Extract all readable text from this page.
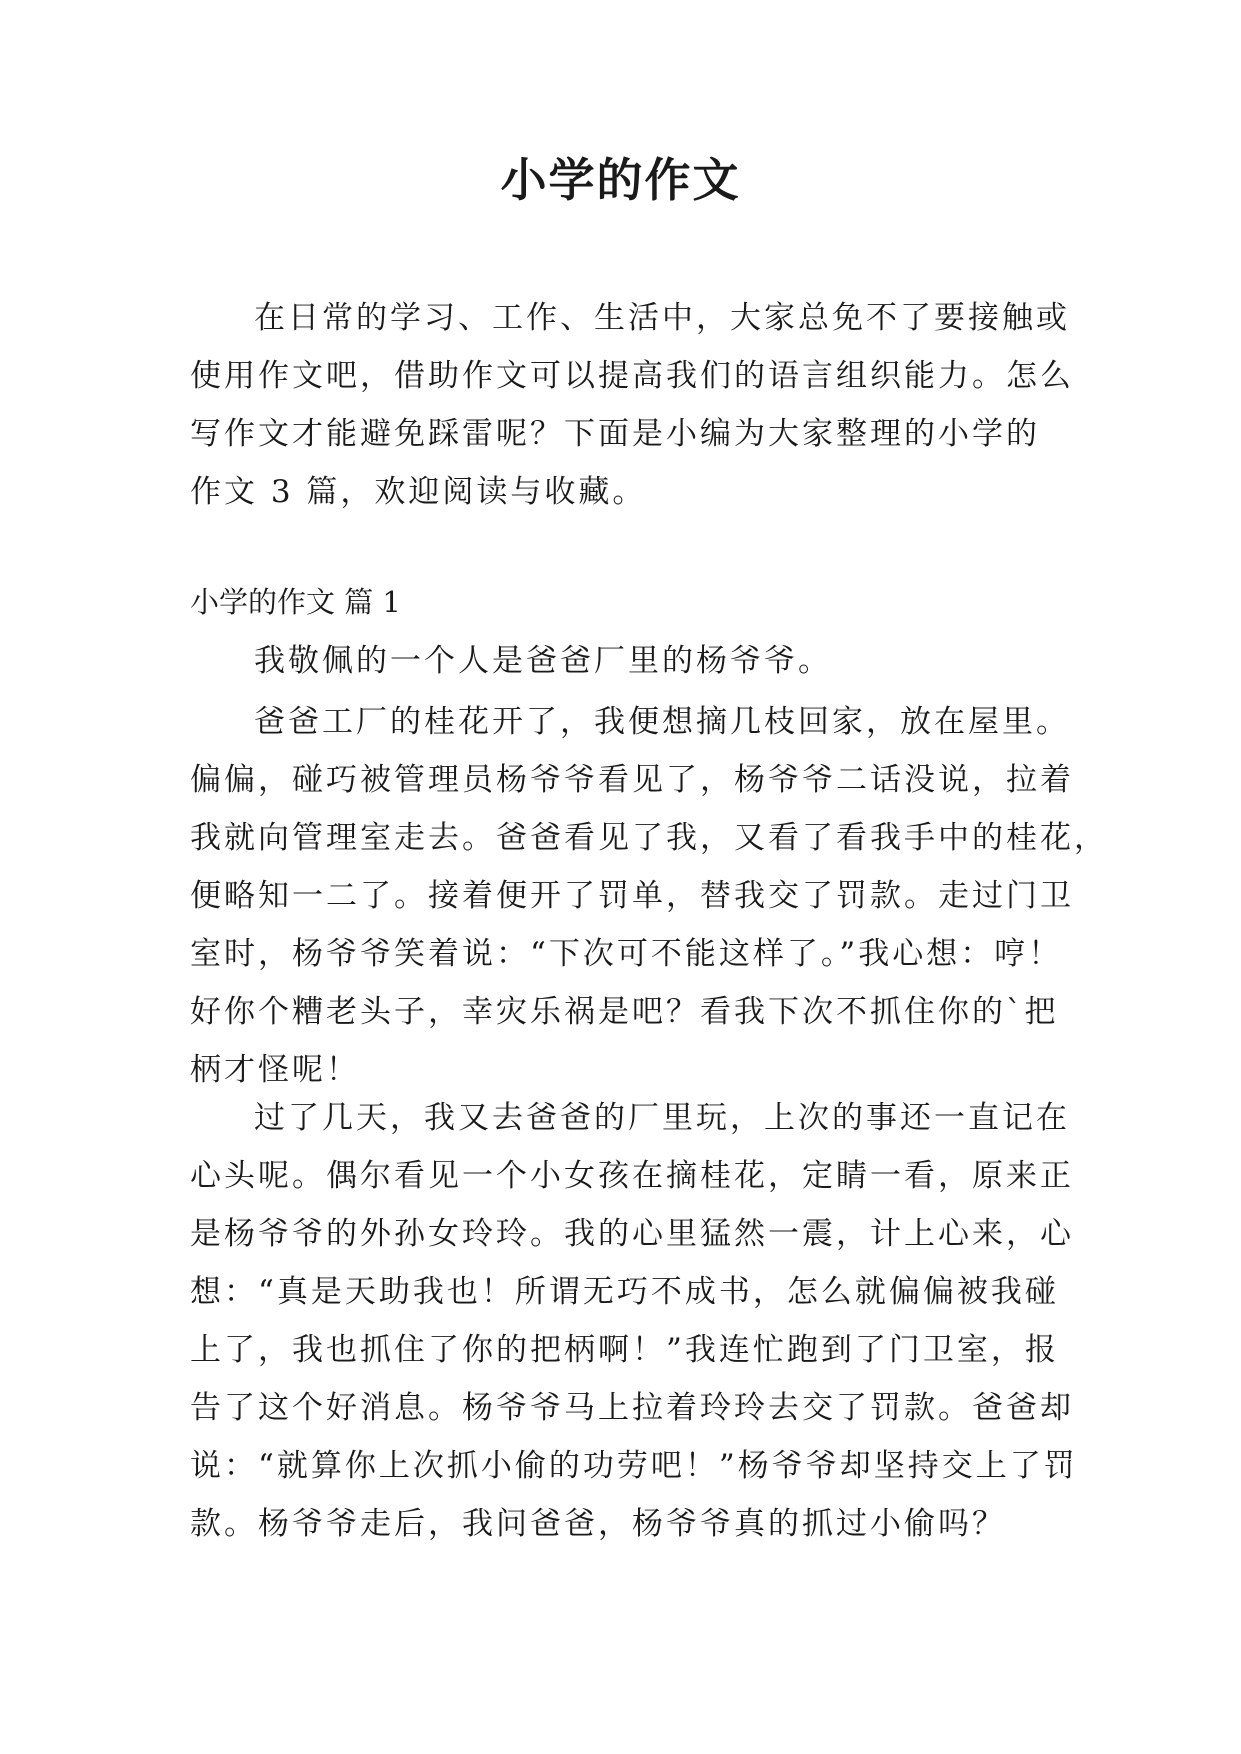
小学的作文
在日常的学习、工作、生活中，大家总免不了要接触或
使用作文吧，借助作文可以提高我们的语言组织能力。怎么
写作文才能避免踩雷呢？下面是小编为大家整理的小学的
作文 3 篇，欢迎阅读与收藏。
小学的作文 篇 1
我敬佩的一个人是爸爸厂里的杨爷爷。
爸爸工厂的桂花开了，我便想摘几枝回家，放在屋里。
偏偏，碰巧被管理员杨爷爷看见了，杨爷爷二话没说，拉着
我就向管理室走去。爸爸看见了我，又看了看我手中的桂花，
便略知一二了。接着便开了罚单，替我交了罚款。走过门卫
室时，杨爷爷笑着说：“下次可不能这样了。”我心想：哼！
好你个糟老头子，幸灾乐祸是吧？看我下次不抓住你的`把
柄才怪呢！
过了几天，我又去爸爸的厂里玩，上次的事还一直记在
心头呢。偶尔看见一个小女孩在摘桂花，定睛一看，原来正
是杨爷爷的外孙女玲玲。我的心里猛然一震，计上心来，心
想：“真是天助我也！所谓无巧不成书，怎么就偏偏被我碰
上了，我也抓住了你的把柄啊！”我连忙跑到了门卫室，报
告了这个好消息。杨爷爷马上拉着玲玲去交了罚款。爸爸却
说：“就算你上次抓小偷的功劳吧！”杨爷爷却坚持交上了罚
款。杨爷爷走后，我问爸爸，杨爷爷真的抓过小偷吗？
